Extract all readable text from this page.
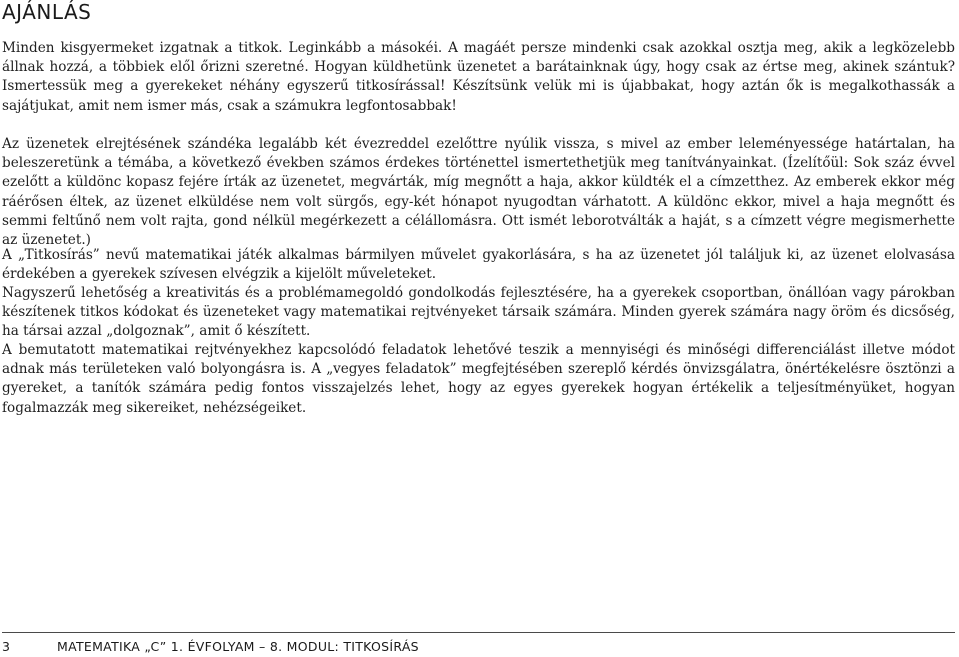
AJÁNLÁS

Minden kisgyermeket izgatnak a titkok. Leginkább a másokéi. A magáét persze mindenki csak azokkal osztja meg, akik a legközelebb állnak hozzá, a többiek elől őrizni szeretné. Hogyan küldhetünk üzenetet a barátainknak úgy, hogy csak az értse meg, akinek szántuk? Ismertessük meg a gyerekeket néhány egyszerű titkosírással! Készítsünk velük mi is újabbakat, hogy aztán ők is megalkothassák a sajátjukat, amit nem ismer más, csak a számukra legfontosabbak!

Az üzenetek elrejtésének szándéka legalább két évezreddel ezelőttre nyúlik vissza, s mivel az ember leleményessége határtalan, ha beleszeretünk a témába, a következő években számos érdekes történettel ismertethetjük meg tanítványainkat. (Ízelítőül: Sok száz évvel ezelőtt a küldönc kopasz fejére írták az üzenetet, megvárták, míg megnőtt a haja, akkor küldték el a címzetthez. Az emberek ekkor még ráérősen éltek, az üzenet elküldése nem volt sürgős, egy-két hónapot nyugodtan várhatott. A küldönc ekkor, mivel a haja megnőtt és semmi feltűnő nem volt rajta, gond nélkül megérkezett a célállomásra. Ott ismét leborotválták a haját, s a címzett végre megismerhette az üzenetet.)

A „Titkosírás” nevű matematikai játék alkalmas bármilyen művelet gyakorlására, s ha az üzenetet jól találjuk ki, az üzenet elolvasása érdekében a gyerekek szívesen elvégzik a kijelölt műveleteket.

Nagyszerű lehetőség a kreativitás és a problémamegoldó gondolkodás fejlesztésére, ha a gyerekek csoportban, önállóan vagy párokban készítenek titkos kódokat és üzeneteket vagy matematikai rejtvényeket társaik számára. Minden gyerek számára nagy öröm és dicsőség, ha társai azzal „dolgoznak”, amit ő készített.

A bemutatott matematikai rejtvényekhez kapcsolódó feladatok lehetővé teszik a mennyiségi és minőségi differenciálást illetve módot adnak más területeken való bolyongásra is. A „vegyes feladatok” megfejtésében szereplő kérdés önvizsgálatra, önértékelésre ösztönzi a gyereket, a tanítók számára pedig fontos visszajelzés lehet, hogy az egyes gyerekek hogyan értékelik a teljesítményüket, hogyan fogalmazzák meg sikereiket, nehézségeiket.

3	MATEMATIKA „C” 1. ÉVFOLYAM – 8. MODUL: TITKOSÍRÁS
